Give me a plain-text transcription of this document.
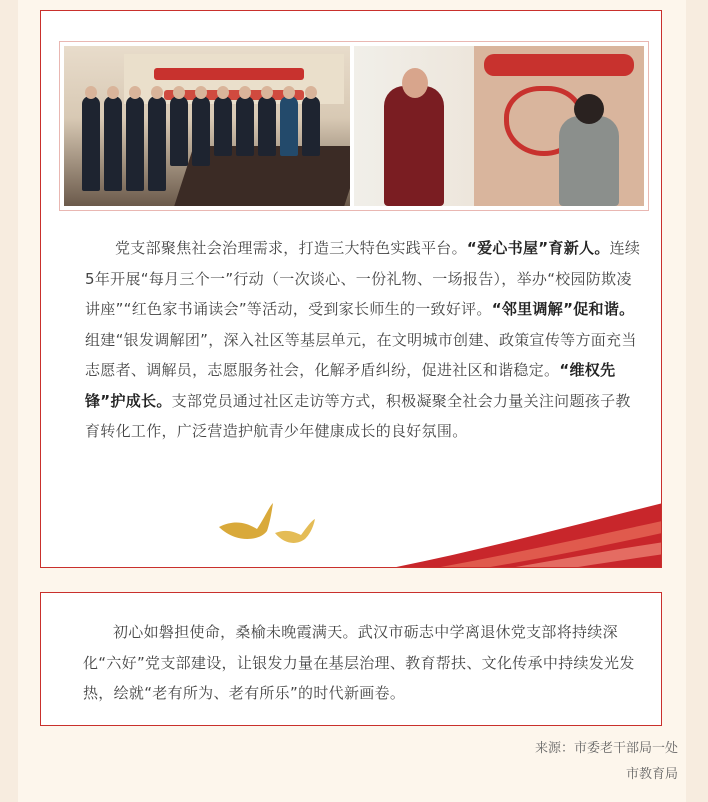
党支部聚焦社会治理需求，打造三大特色实践平台。“爱心书屋”育新人。连续5年开展“每月三个一”行动（一次谈心、一份礼物、一场报告），举办“校园防欺凌讲座”“红色家书诵读会”等活动，受到家长师生的一致好评。“邻里调解”促和谐。组建“银发调解团”，深入社区等基层单元，在文明城市创建、政策宣传等方面充当志愿者、调解员，志愿服务社会，化解矛盾纠纷，促进社区和谐稳定。“维权先锋”护成长。支部党员通过社区走访等方式，积极凝聚全社会力量关注问题孩子教育转化工作，广泛营造护航青少年健康成长的良好氛围。

初心如磐担使命，桑榆未晚霞满天。武汉市砺志中学离退休党支部将持续深化“六好”党支部建设，让银发力量在基层治理、教育帮扶、文化传承中持续发光发热，绘就“老有所为、老有所乐”的时代新画卷。

来源：市委老干部局一处
市教育局
